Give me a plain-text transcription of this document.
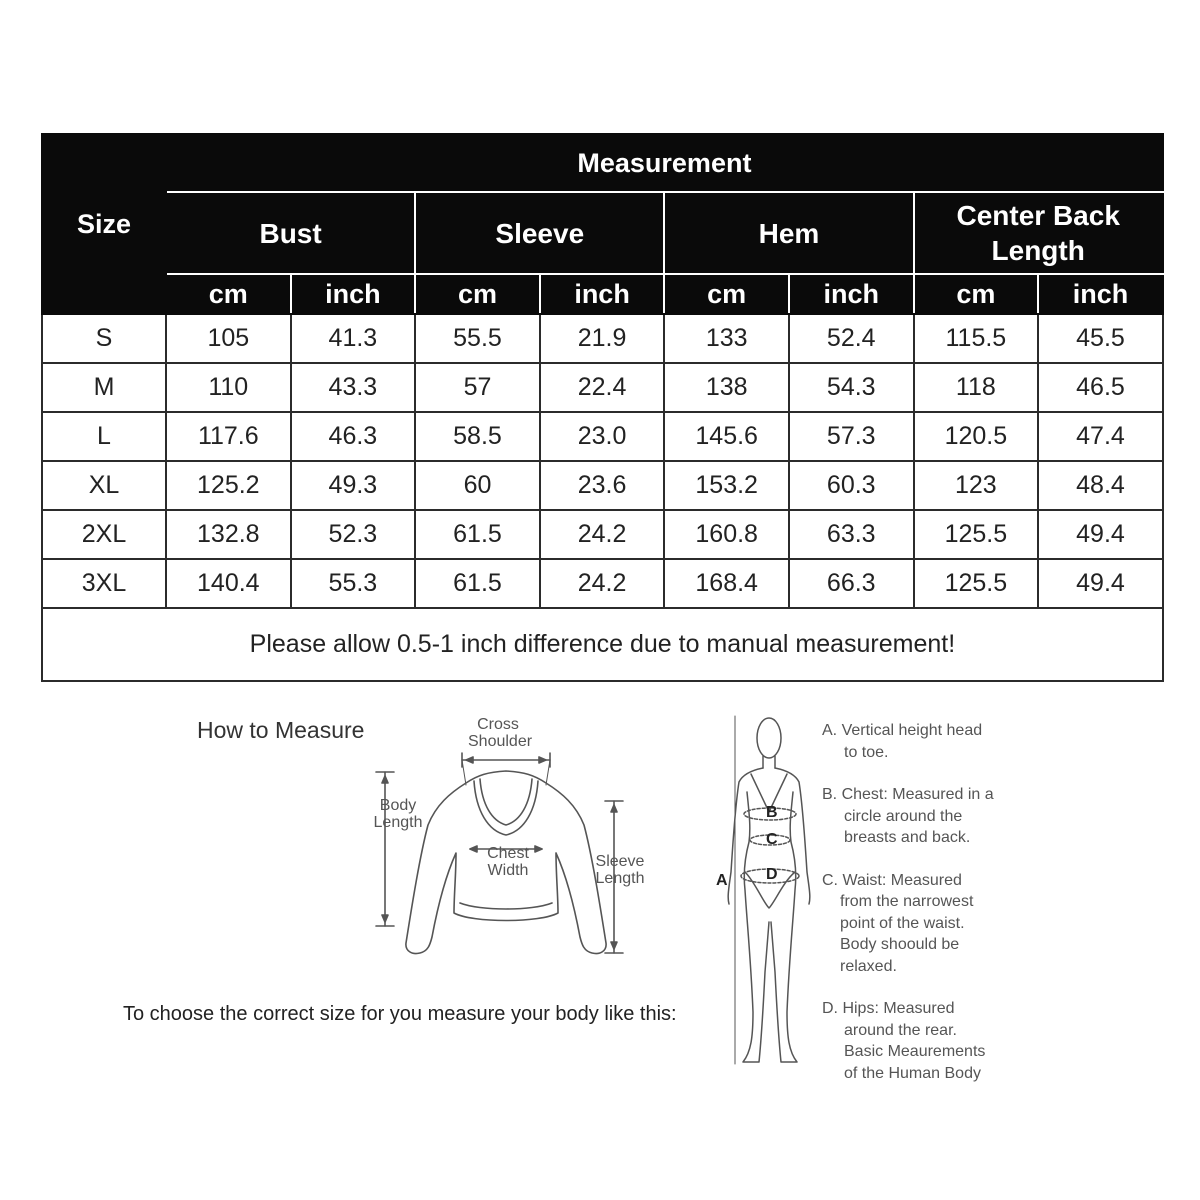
Size	Measurement							
	Bust		Sleeve		Hem		Center Back Length	
	cm	inch	cm	inch	cm	inch	cm	inch
S	105	41.3	55.5	21.9	133	52.4	115.5	45.5
M	110	43.3	57	22.4	138	54.3	118	46.5
L	117.6	46.3	58.5	23.0	145.6	57.3	120.5	47.4
XL	125.2	49.3	60	23.6	153.2	60.3	123	48.4
2XL	132.8	52.3	61.5	24.2	160.8	63.3	125.5	49.4
3XL	140.4	55.3	61.5	24.2	168.4	66.3	125.5	49.4
Please allow 0.5-1 inch difference due to manual measurement!								
How to Measure
To choose the correct size for you measure your body like this:
Cross
Shoulder
Body
Length
Chest
Width
Sleeve
Length
B
C
D
A
A. Vertical height head
to toe.
B. Chest: Measured in a
circle around the
breasts and back.
C. Waist: Measured
from the narrowest
point of the waist.
Body shoould be
relaxed.
D. Hips: Measured
around the rear.
Basic Meaurements
of the Human Body
